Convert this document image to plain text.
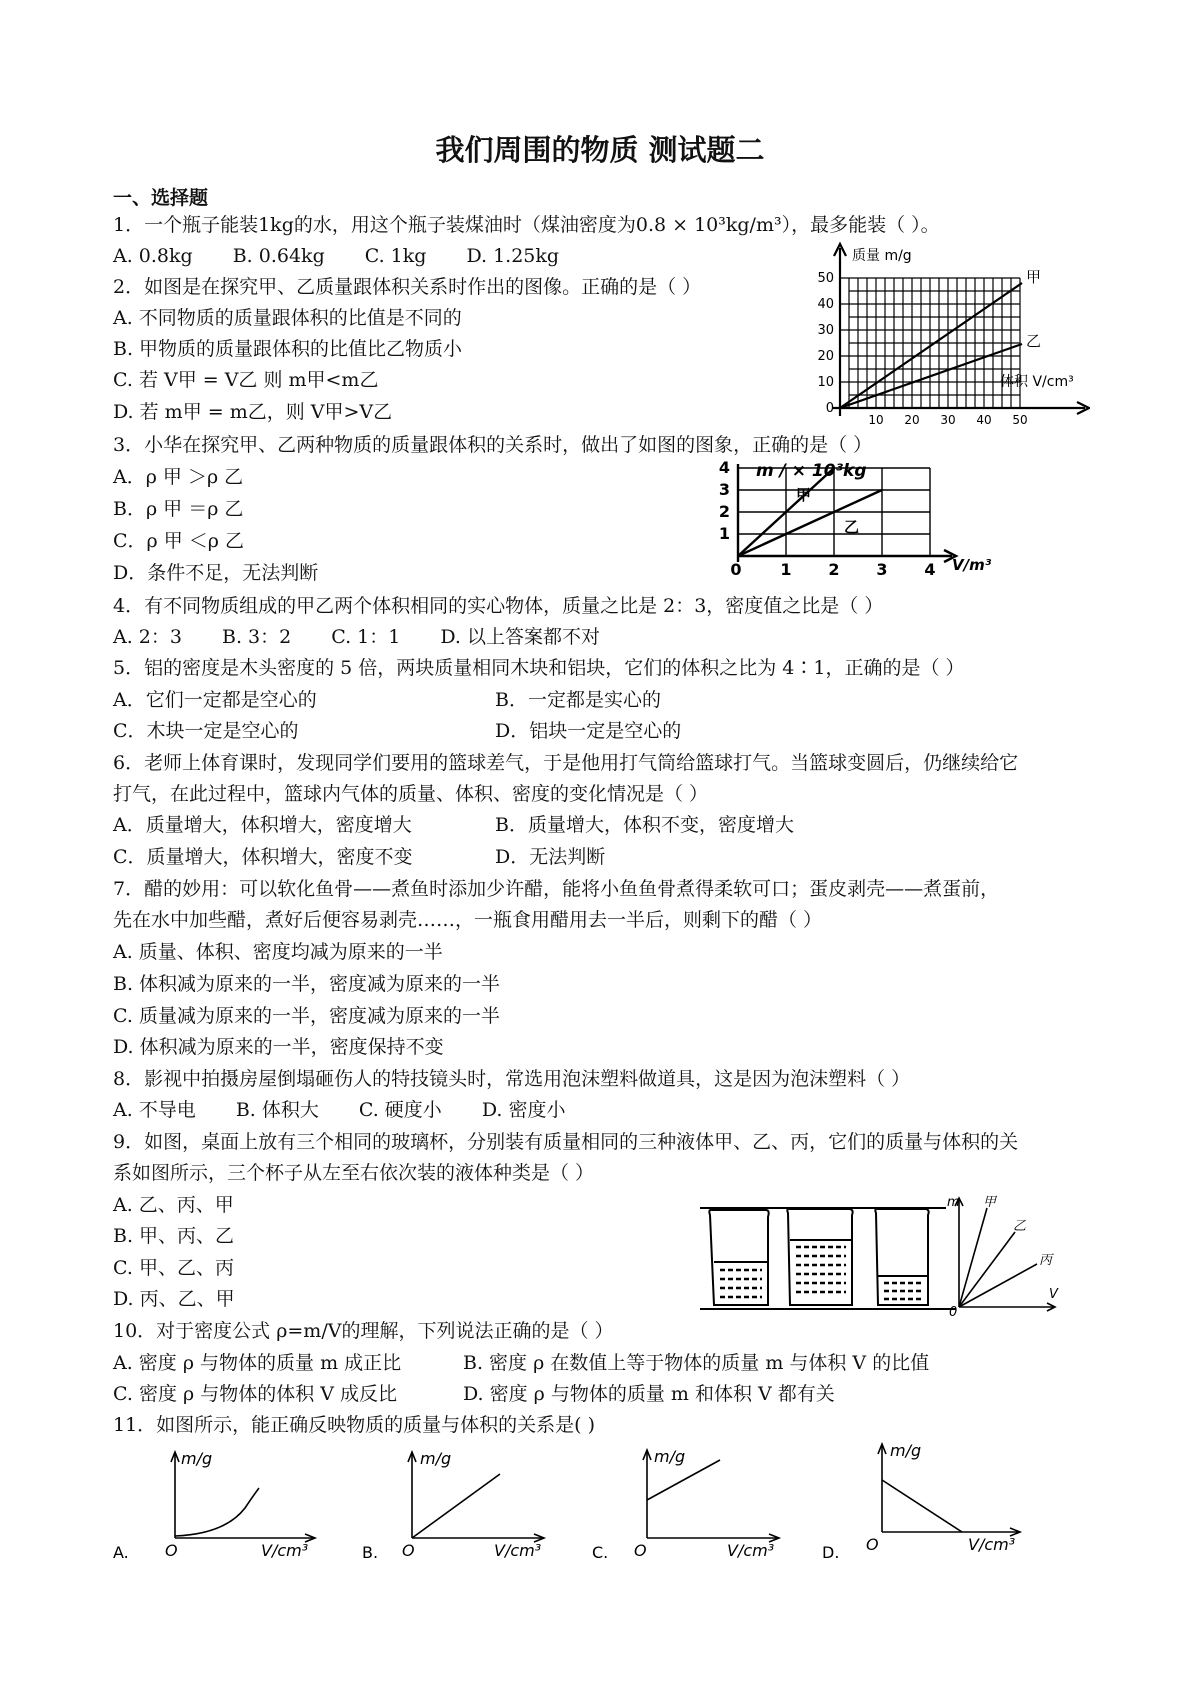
我们周围的物质 测试题二
一、选择题
1．一个瓶子能装1kg的水，用这个瓶子装煤油时（煤油密度为0.8 × 10³kg/m³），最多能装（ ）。
A. 0.8kg B. 0.64kg C. 1kg D. 1.25kg
2．如图是在探究甲、乙质量跟体积关系时作出的图像。正确的是（ ）
A. 不同物质的质量跟体积的比值是不同的
B. 甲物质的质量跟体积的比值比乙物质小
C. 若 V甲 = V乙 则 m甲<m乙
D. 若 m甲 = m乙，则 V甲>V乙
质量 m/g
体积 V/cm³
甲
乙
0
10
20
30
40
50
10 20 30 40 50
3．小华在探究甲、乙两种物质的质量跟体积的关系时，做出了如图的图象，正确的是（ ）
A．ρ 甲 ＞ρ 乙
B．ρ 甲 ＝ρ 乙
C．ρ 甲 ＜ρ 乙
D．条件不足，无法判断
m / × 10³kg
V/m³
甲
乙
1
2
3
4
0 1 2 3 4
4．有不同物质组成的甲乙两个体积相同的实心物体，质量之比是 2：3，密度值之比是（ ）
A. 2：3 B. 3：2 C. 1：1 D. 以上答案都不对
5．铝的密度是木头密度的 5 倍，两块质量相同木块和铝块，它们的体积之比为 4∶1，正确的是（ ）
A．它们一定都是空心的	B．一定都是实心的
C．木块一定是空心的	D．铝块一定是空心的
6．老师上体育课时，发现同学们要用的篮球差气，于是他用打气筒给篮球打气。当篮球变圆后，仍继续给它
打气，在此过程中，篮球内气体的质量、体积、密度的变化情况是（ ）
A．质量增大，体积增大，密度增大	B．质量增大，体积不变，密度增大
C．质量增大，体积增大，密度不变	D．无法判断
7．醋的妙用：可以软化鱼骨——煮鱼时添加少许醋，能将小鱼鱼骨煮得柔软可口；蛋皮剥壳——煮蛋前，
先在水中加些醋，煮好后便容易剥壳……，一瓶食用醋用去一半后，则剩下的醋（ ）
A. 质量、体积、密度均减为原来的一半
B. 体积减为原来的一半，密度减为原来的一半
C. 质量减为原来的一半，密度减为原来的一半
D. 体积减为原来的一半，密度保持不变
8．影视中拍摄房屋倒塌砸伤人的特技镜头时，常选用泡沫塑料做道具，这是因为泡沫塑料（ ）
A. 不导电 B. 体积大 C. 硬度小 D. 密度小
9．如图，桌面上放有三个相同的玻璃杯，分别装有质量相同的三种液体甲、乙、丙，它们的质量与体积的关
系如图所示，三个杯子从左至右依次装的液体种类是（ ）
A. 乙、丙、甲
B. 甲、丙、乙
C. 甲、乙、丙
D. 丙、乙、甲
m
V
0
甲
乙
丙
10．对于密度公式 ρ=m/V的理解，下列说法正确的是（ ）
A. 密度 ρ 与物体的质量 m 成正比	B. 密度 ρ 在数值上等于物体的质量 m 与体积 V 的比值
C. 密度 ρ 与物体的体积 V 成反比	D. 密度 ρ 与物体的质量 m 和体积 V 都有关
11．如图所示，能正确反映物质的质量与体积的关系是( )
A.
m/g
O	V/cm³	B.
m/g
O	V/cm³	C.
m/g
O	V/cm³	D.
m/g
O	V/cm³
